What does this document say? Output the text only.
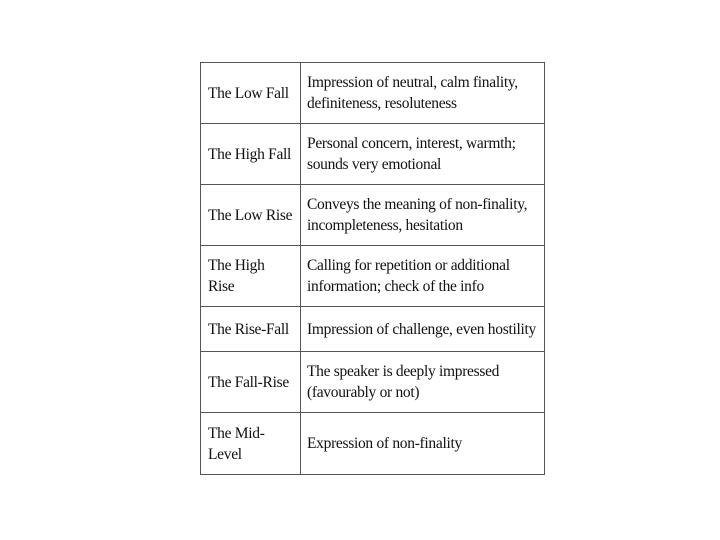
The Low Fall	Impression of neutral, calm finality, definiteness, resoluteness
The High Fall	Personal concern, interest, warmth; sounds very emotional
The Low Rise	Conveys the meaning of non-finality, incompleteness, hesitation
The High Rise	Calling for repetition or additional information; check of the info
The Rise-Fall	Impression of challenge, even hostility
The Fall-Rise	The speaker is deeply impressed (favourably or not)
The Mid-Level	Expression of non-finality
